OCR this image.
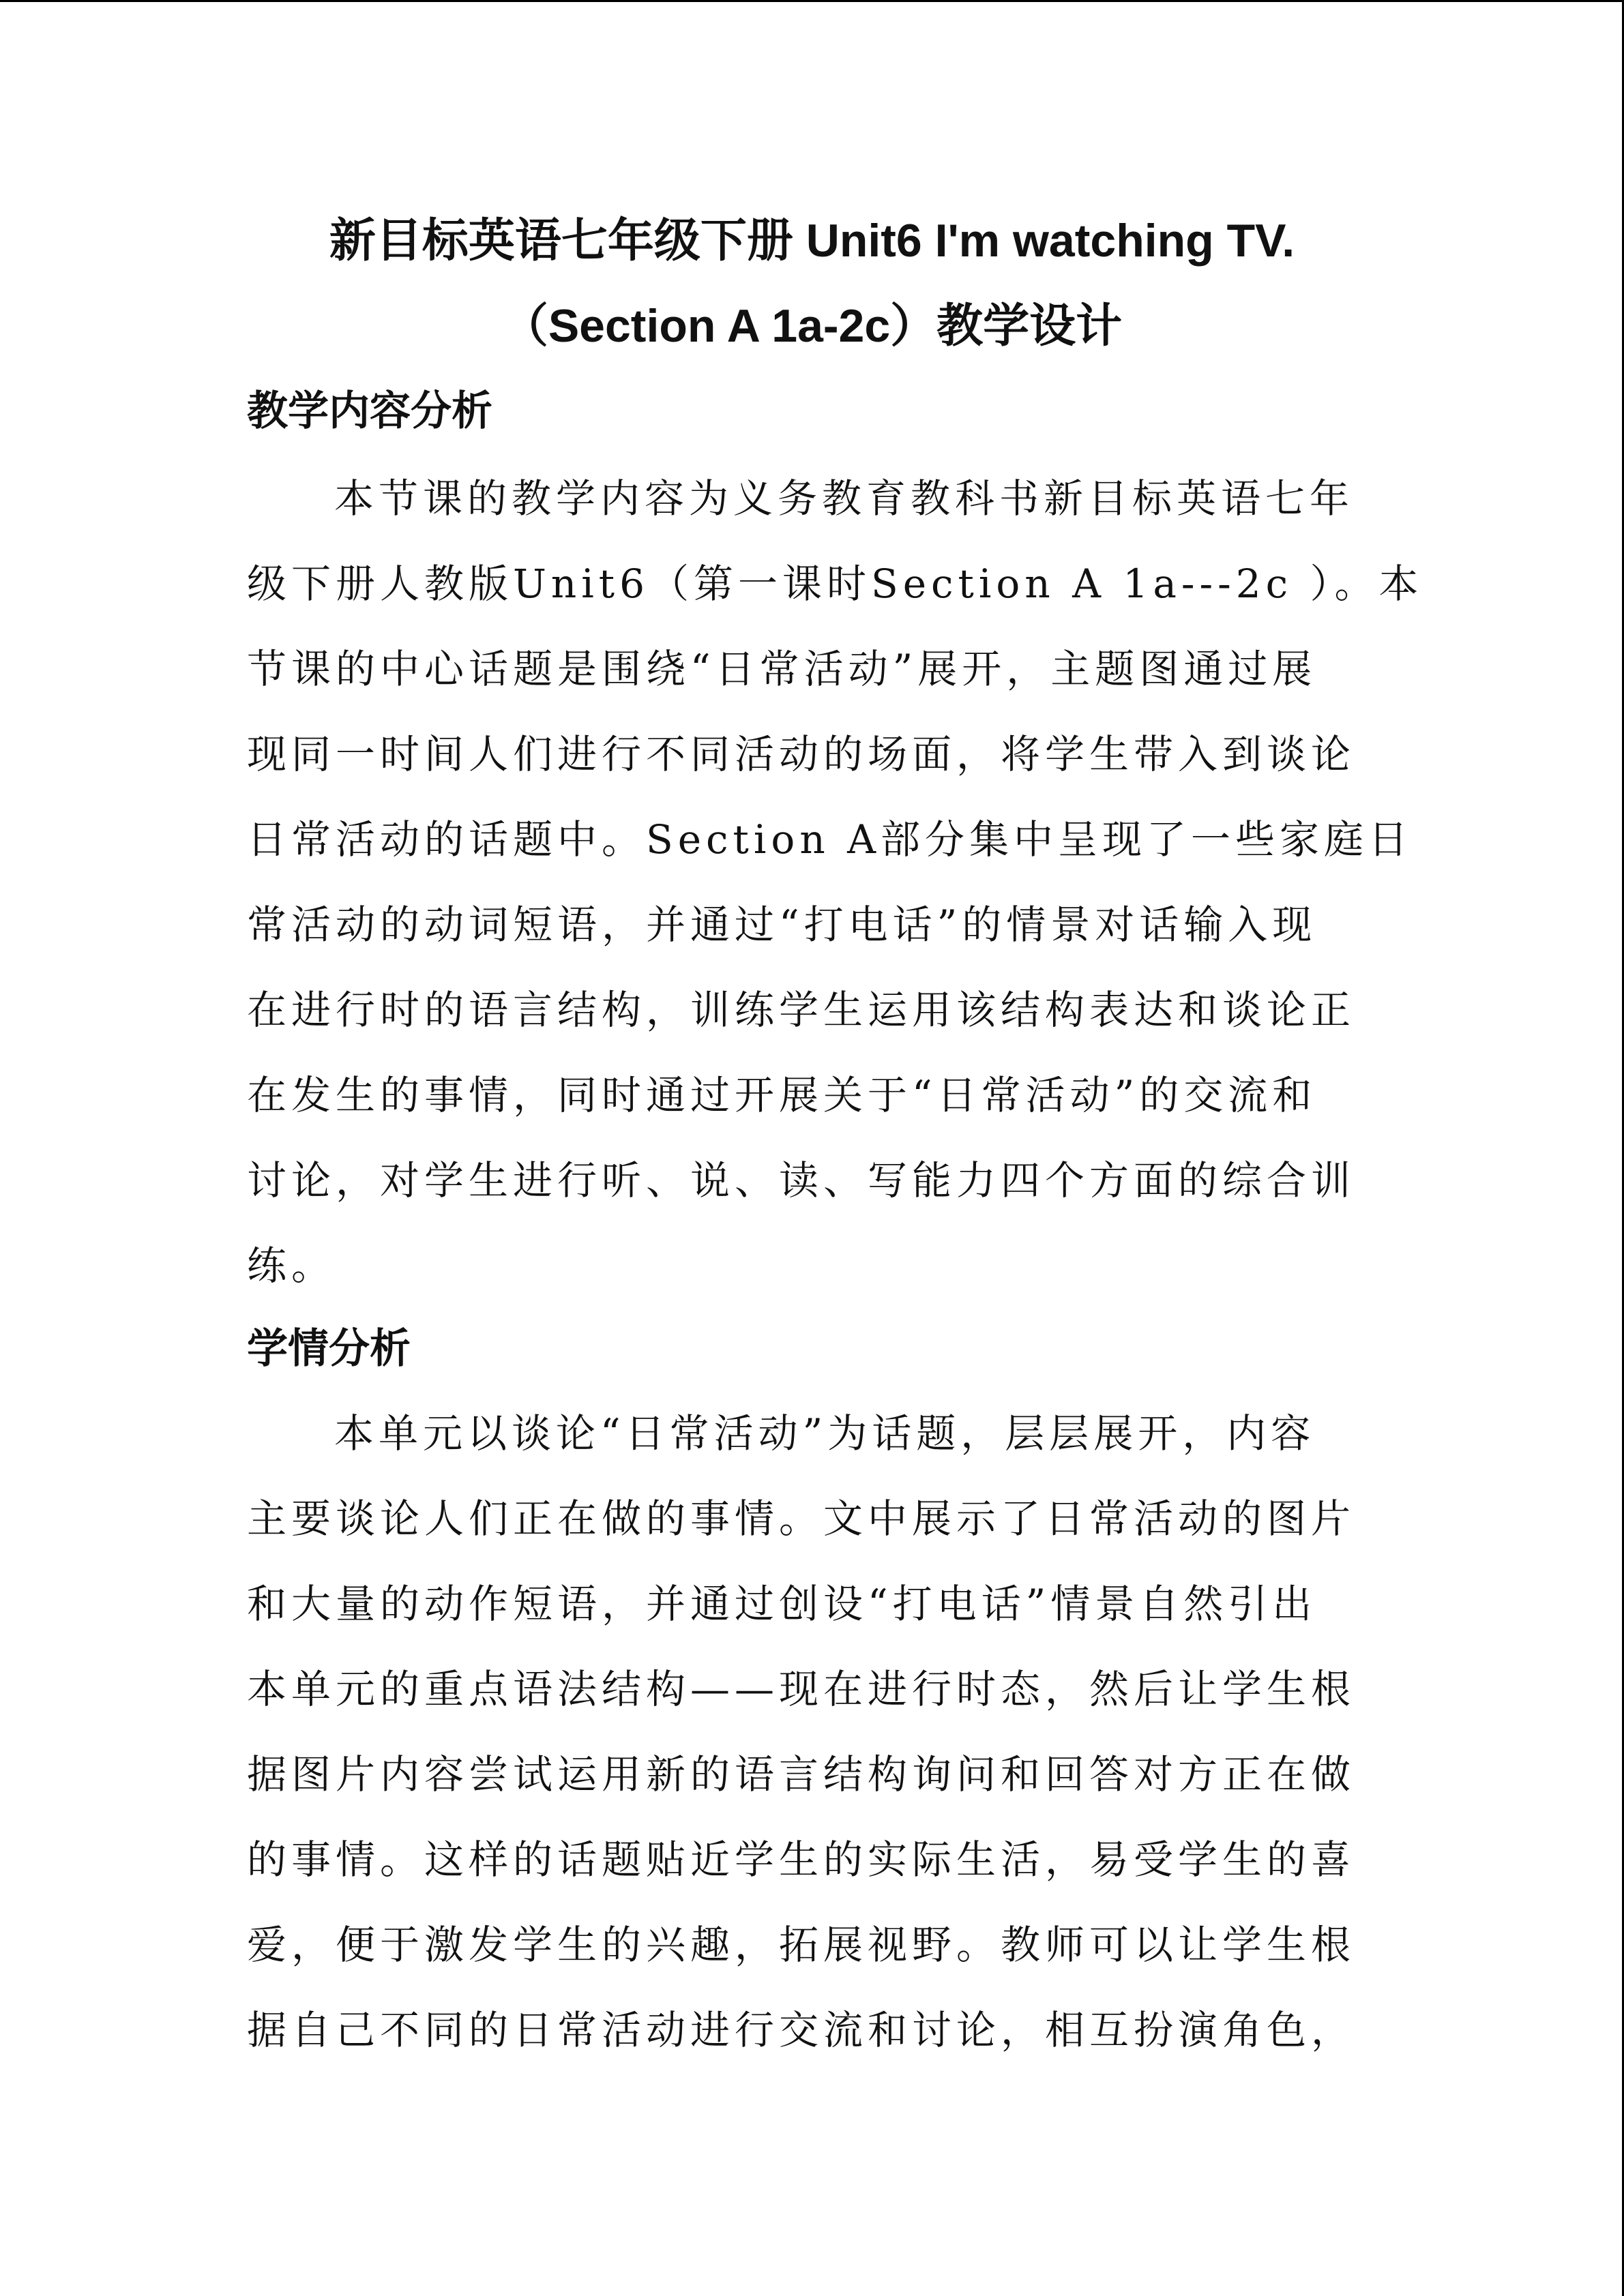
新目标英语七年级下册 Unit6 I'm watching TV.
（Section A 1a-2c）教学设计
教学内容分析
本节课的教学内容为义务教育教科书新目标英语七年
级下册人教版Unit6（第一课时Section A 1a---2c ）。本
节课的中心话题是围绕“日常活动”展开，主题图通过展
现同一时间人们进行不同活动的场面，将学生带入到谈论
日常活动的话题中。Section A部分集中呈现了一些家庭日
常活动的动词短语，并通过“打电话”的情景对话输入现
在进行时的语言结构，训练学生运用该结构表达和谈论正
在发生的事情，同时通过开展关于“日常活动”的交流和
讨论，对学生进行听、说、读、写能力四个方面的综合训
练。
学情分析
本单元以谈论“日常活动”为话题，层层展开，内容
主要谈论人们正在做的事情。文中展示了日常活动的图片
和大量的动作短语，并通过创设“打电话”情景自然引出
本单元的重点语法结构——现在进行时态，然后让学生根
据图片内容尝试运用新的语言结构询问和回答对方正在做
的事情。这样的话题贴近学生的实际生活，易受学生的喜
爱，便于激发学生的兴趣，拓展视野。教师可以让学生根
据自己不同的日常活动进行交流和讨论，相互扮演角色，
